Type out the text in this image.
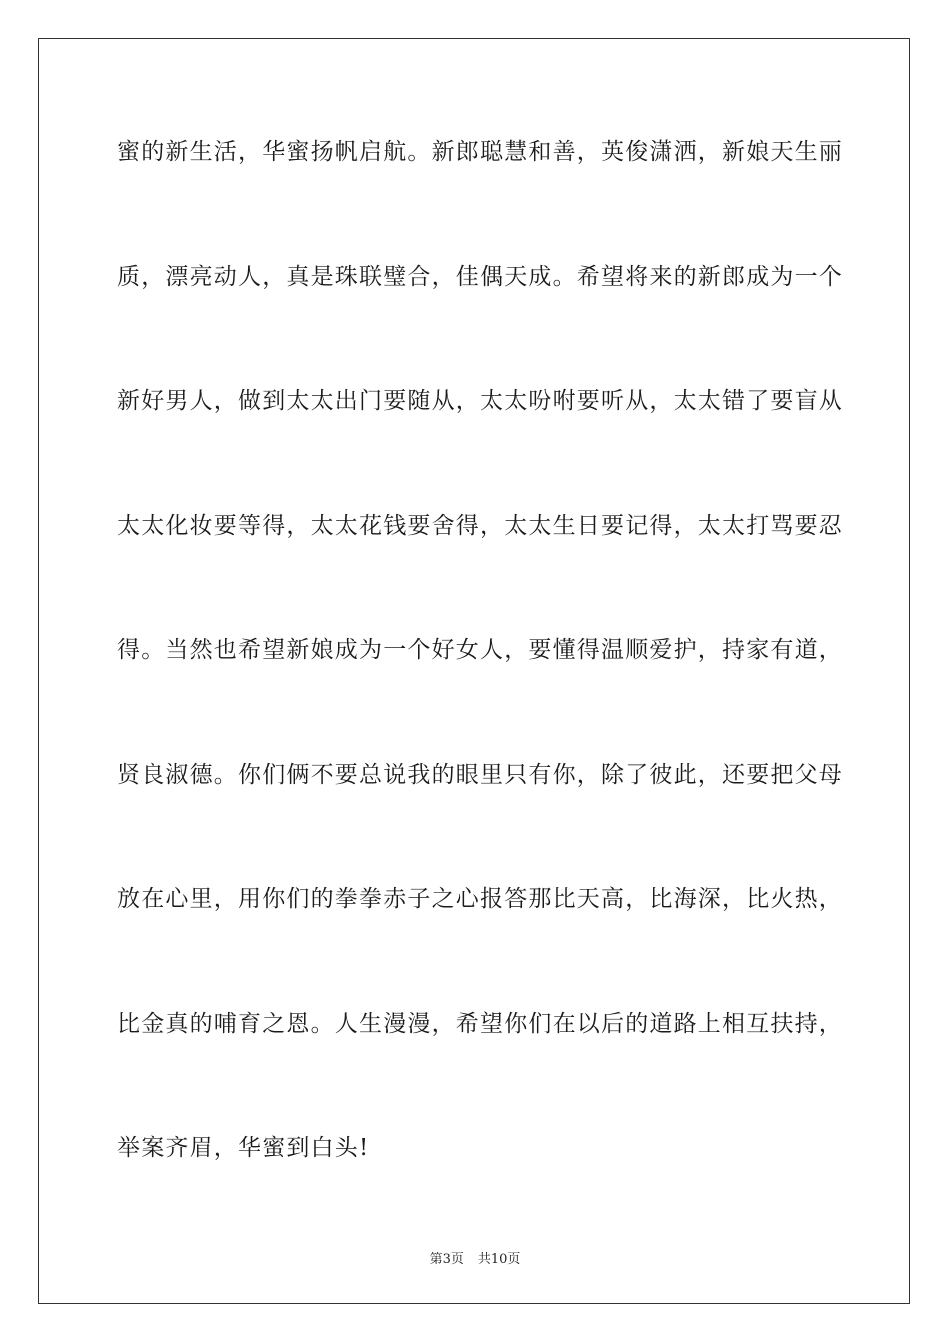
蜜的新生活，华蜜扬帆启航。新郎聪慧和善，英俊潇洒，新娘天生丽
质，漂亮动人，真是珠联璧合，佳偶天成。希望将来的新郎成为一个
新好男人，做到太太出门要随从，太太吩咐要听从，太太错了要盲从
太太化妆要等得，太太花钱要舍得，太太生日要记得，太太打骂要忍
得。当然也希望新娘成为一个好女人，要懂得温顺爱护，持家有道，
贤良淑德。你们俩不要总说我的眼里只有你，除了彼此，还要把父母
放在心里，用你们的拳拳赤子之心报答那比天高，比海深，比火热，
比金真的哺育之恩。人生漫漫，希望你们在以后的道路上相互扶持，
举案齐眉，华蜜到白头!
第3页 共10页
